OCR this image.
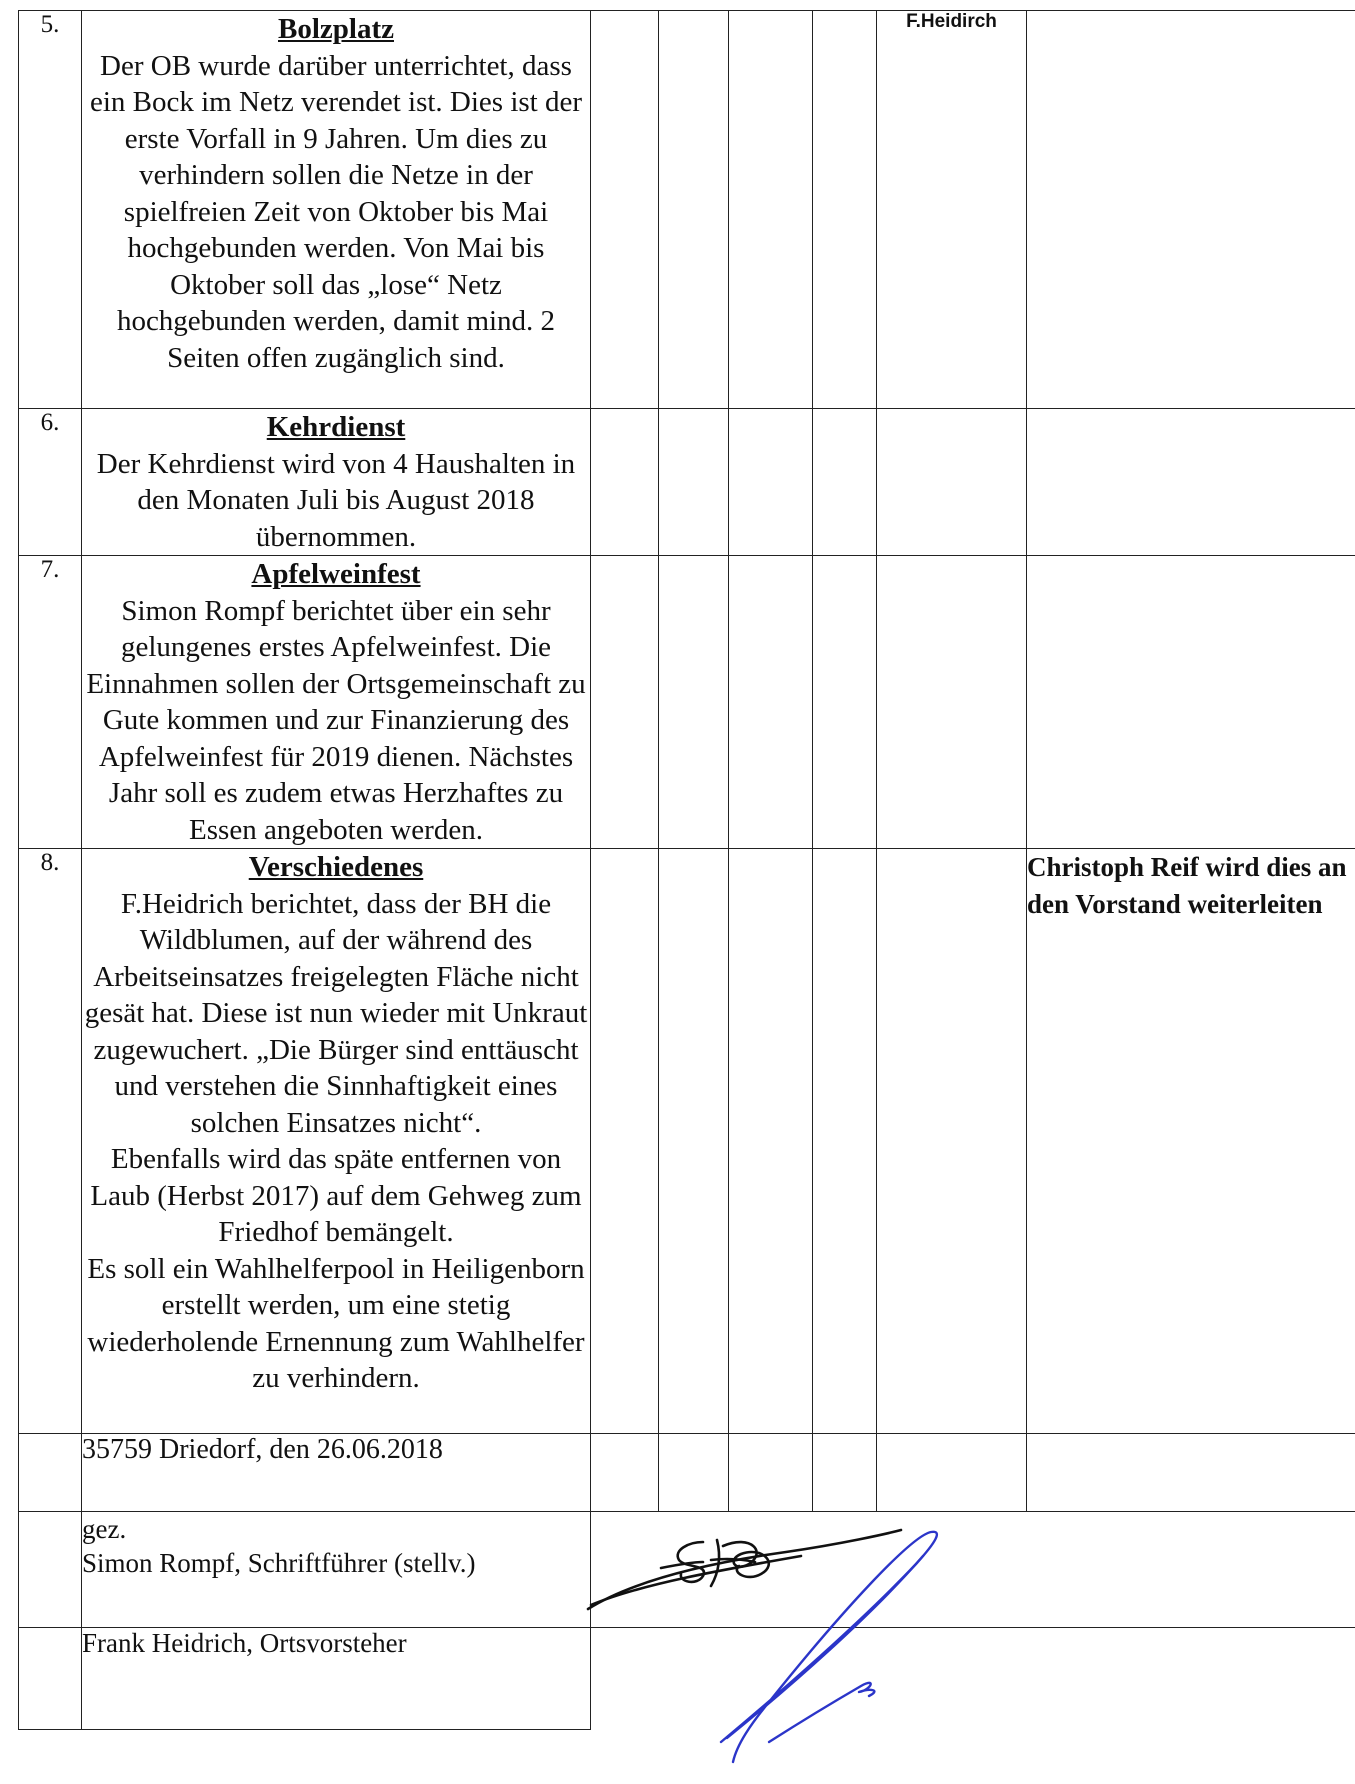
5.	Bolzplatz
Der OB wurde darüber unterrichtet, dass ein Bock im Netz verendet ist. Dies ist der erste Vorfall in 9 Jahren. Um dies zu verhindern sollen die Netze in der spielfreien Zeit von Oktober bis Mai hochgebunden werden. Von Mai bis Oktober soll das „lose“ Netz hochgebunden werden, damit mind. 2 Seiten offen zugänglich sind.					F.Heidirch	
6.	Kehrdienst
Der Kehrdienst wird von 4 Haushalten in den Monaten Juli bis August 2018 übernommen.						

7.	Apfelweinfest
Simon Rompf berichtet über ein sehr gelungenes erstes Apfelweinfest. Die Einnahmen sollen der Ortsgemeinschaft zu Gute kommen und zur Finanzierung des Apfelweinfest für 2019 dienen. Nächstes Jahr soll es zudem etwas Herzhaftes zu Essen angeboten werden.						

8.	Verschiedenes
F.Heidrich berichtet, dass der BH die Wildblumen, auf der während des Arbeitseinsatzes freigelegten Fläche nicht gesät hat. Diese ist nun wieder mit Unkraut zugewuchert. „Die Bürger sind enttäuscht und verstehen die Sinnhaftigkeit eines solchen Einsatzes nicht“.
Ebenfalls wird das späte entfernen von Laub (Herbst 2017) auf dem Gehweg zum Friedhof bemängelt.
Es soll ein Wahlhelferpool in Heiligenborn erstellt werden, um eine stetig wiederholende Ernennung zum Wahlhelfer zu verhindern.						Christoph Reif wird dies an den Vorstand weiterleiten
	35759 Driedorf, den 26.06.2018						

	gez.
Simon Rompf, Schriftführer (stellv.)

	Frank Heidrich, Ortsvorsteher						
